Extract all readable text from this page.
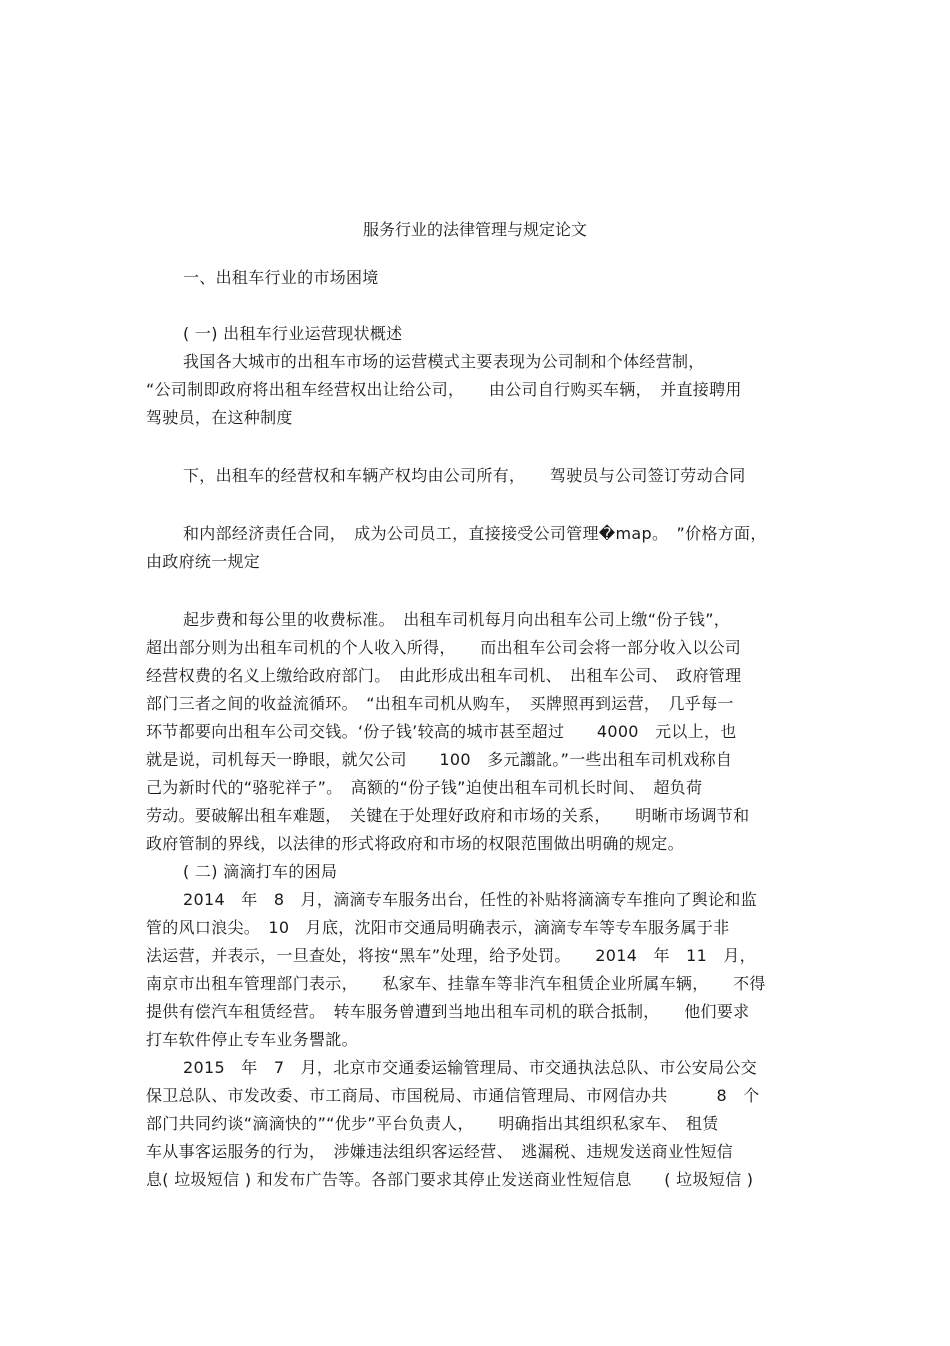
服务行业的法律管理与规定论文
一、出租车行业的市场困境
( 一) 出租车行业运营现状概述
我国各大城市的出租车市场的运营模式主要表现为公司制和个体经营制，
“公司制即政府将出租车经营权出让给公司，　　由公司自行购买车辆，　并直接聘用
驾驶员，在这种制度
下，出租车的经营权和车辆产权均由公司所有，　　驾驶员与公司签订劳动合同
和内部经济责任合同，　成为公司员工，直接接受公司管理�map。　”价格方面，
由政府统一规定
起步费和每公里的收费标准。　出租车司机每月向出租车公司上缴“份子钱”，
超出部分则为出租车司机的个人收入所得，　　而出租车公司会将一部分收入以公司
经营权费的名义上缴给政府部门。　由此形成出租车司机、　出租车公司、　政府管理
部门三者之间的收益流循环。　“出租车司机从购车，　买牌照再到运营，　几乎每一
环节都要向出租车公司交钱。‘份子钱’较高的城市甚至超过　　4000　元以上，也
就是说，司机每天一睁眼，就欠公司　　100　多元譾訛。”一些出租车司机戏称自
己为新时代的“骆驼祥子”。　高额的“份子钱”迫使出租车司机长时间、　超负荷
劳动。要破解出租车难题，　关键在于处理好政府和市场的关系，　　明晰市场调节和
政府管制的界线，以法律的形式将政府和市场的权限范围做出明确的规定。
( 二) 滴滴打车的困局
2014　年　8　月，滴滴专车服务出台，任性的补贴将滴滴专车推向了舆论和监
管的风口浪尖。　10　月底，沈阳市交通局明确表示，滴滴专车等专车服务属于非
法运营，并表示，一旦查处，将按“黑车”处理，给予处罚。　　2014　年　11　月，
南京市出租车管理部门表示，　　私家车、挂靠车等非汽车租赁企业所属车辆，　　不得
提供有偿汽车租赁经营。　转车服务曾遭到当地出租车司机的联合抵制，　　他们要求
打车软件停止专车业务譻訛。
2015　年　7　月，北京市交通委运输管理局、市交通执法总队、市公安局公交
保卫总队、市发改委、市工商局、市国税局、市通信管理局、市网信办共　　　8　个
部门共同约谈“滴滴快的”“优步”平台负责人，　　明确指出其组织私家车、　租赁
车从事客运服务的行为，　涉嫌违法组织客运经营、　逃漏税、违规发送商业性短信
息( 垃圾短信 ) 和发布广告等。各部门要求其停止发送商业性短信息　　( 垃圾短信 )
